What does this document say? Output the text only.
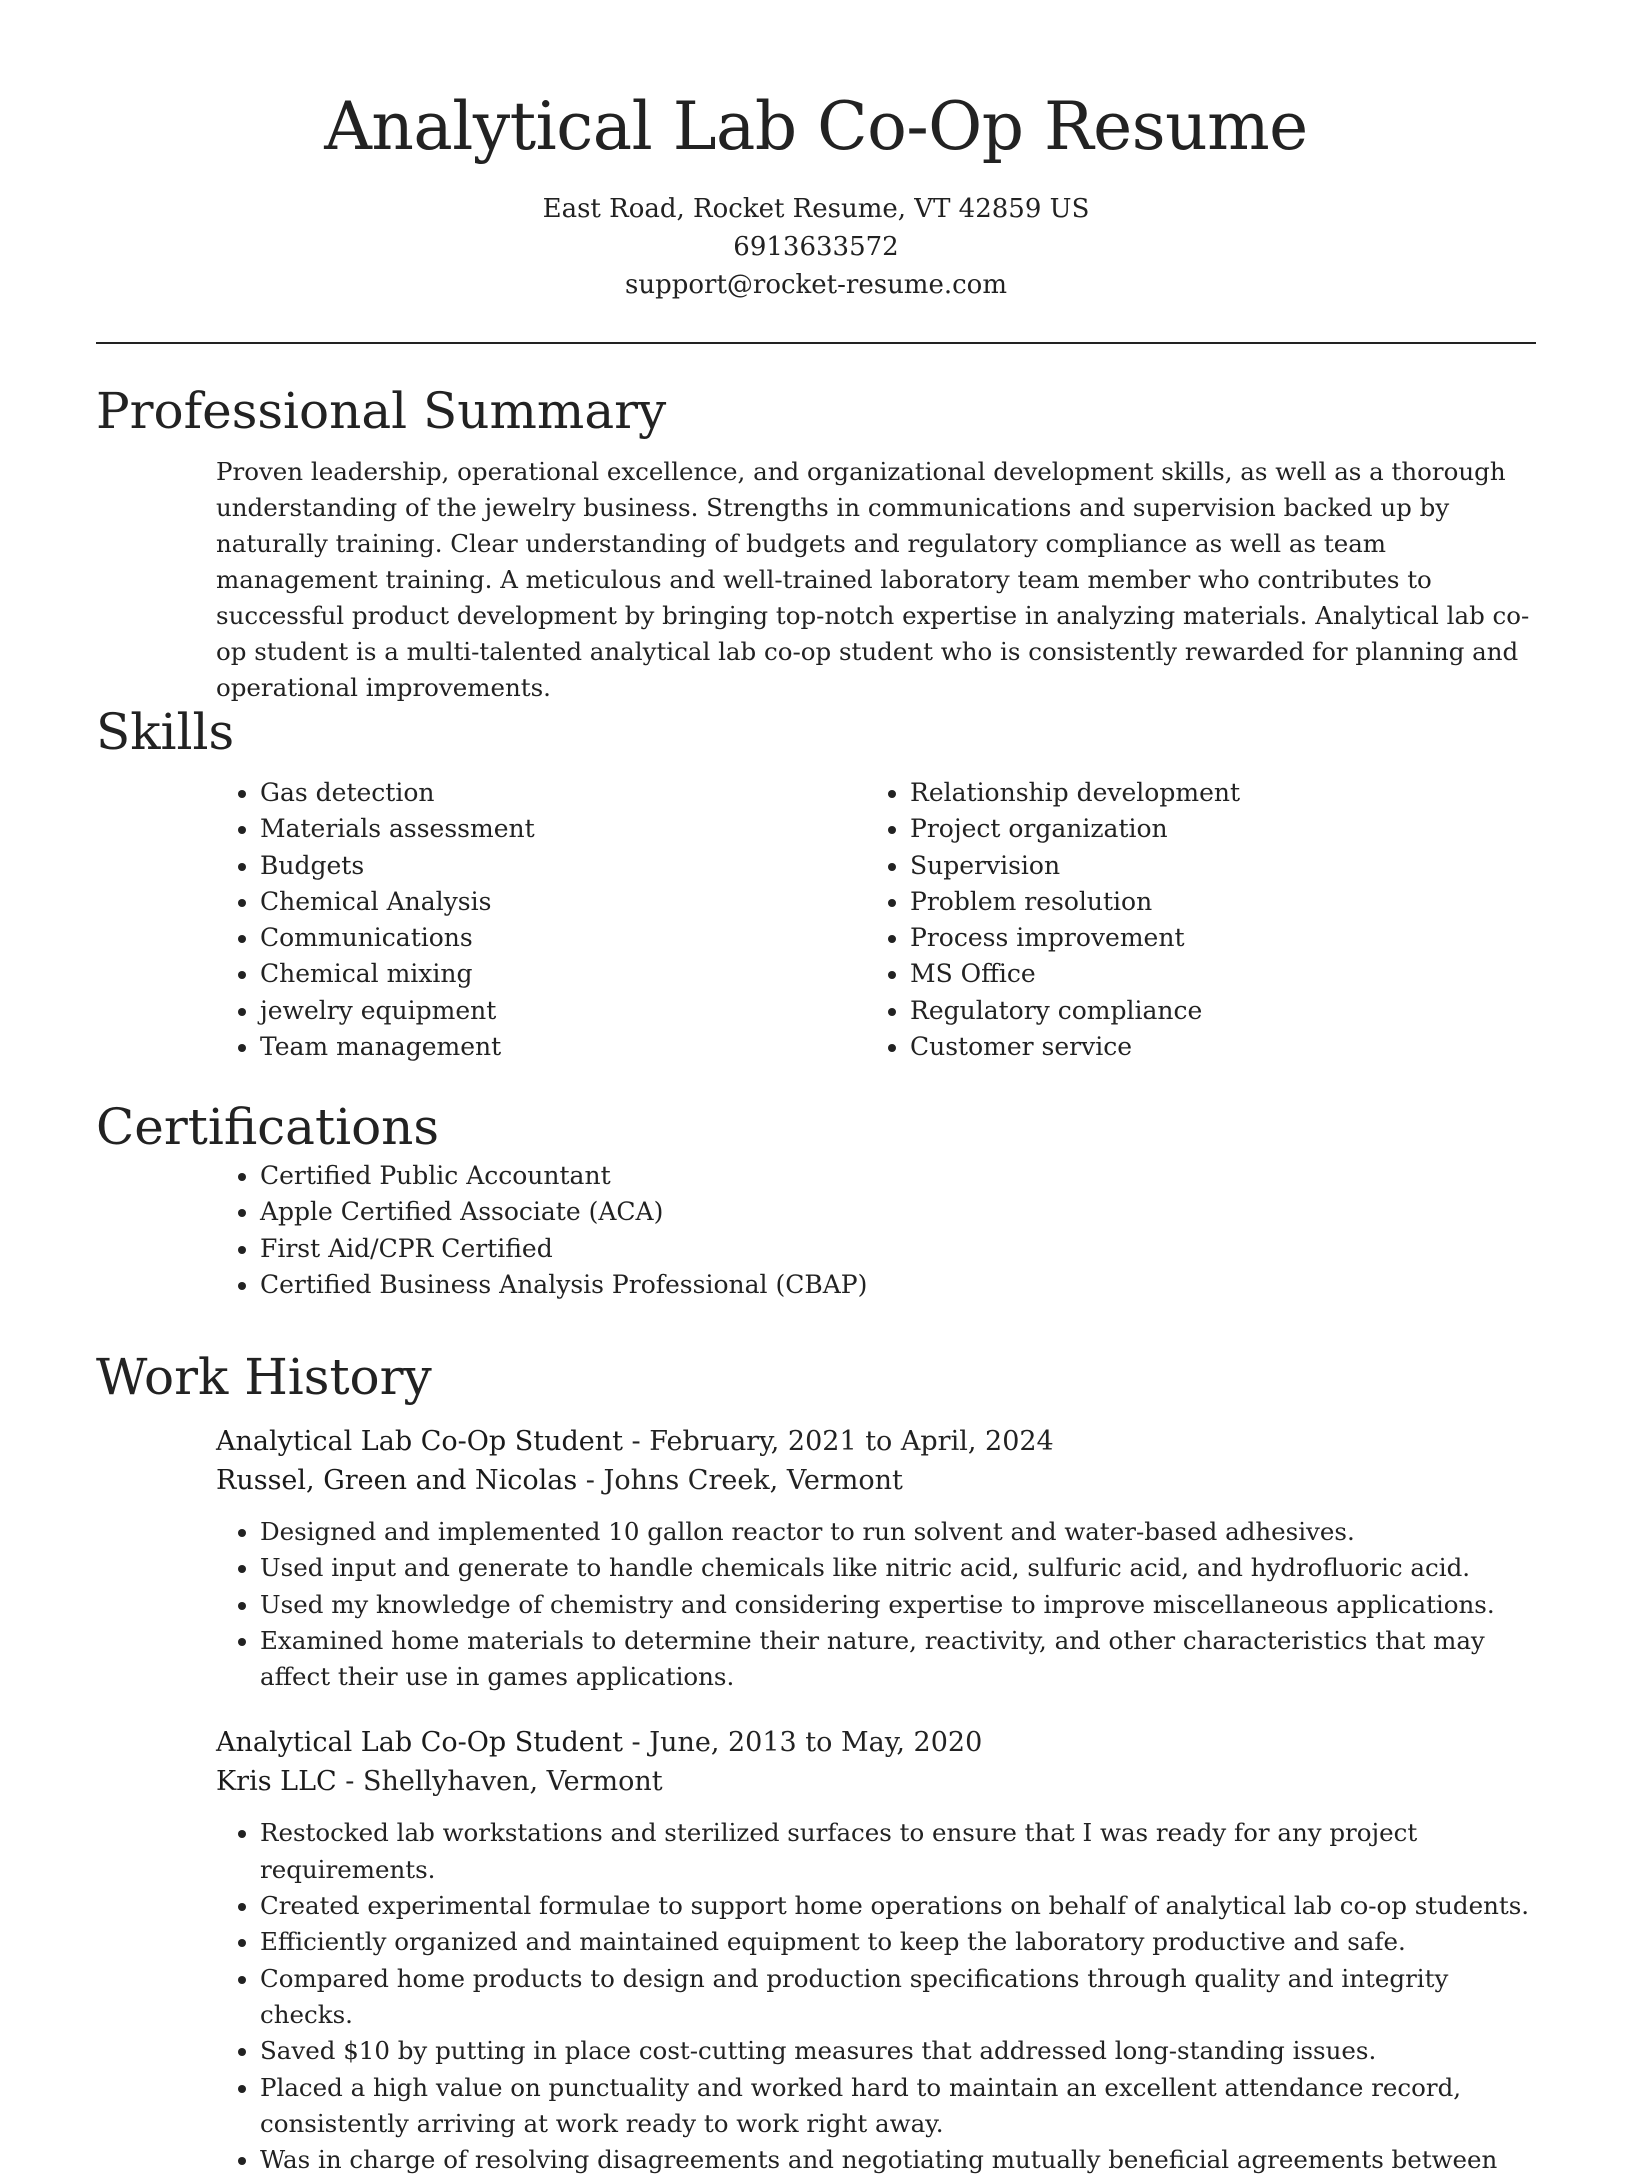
Analytical Lab Co-Op Resume
East Road, Rocket Resume, VT 42859 US
6913633572
support@rocket-resume.com
Professional Summary

Proven leadership, operational excellence, and organizational development skills, as well as a thorough understanding of the jewelry business. Strengths in communications and supervision backed up by naturally training. Clear understanding of budgets and regulatory compliance as well as team management training. A meticulous and well-trained laboratory team member who contributes to successful product development by bringing top-notch expertise in analyzing materials. Analytical lab co-op student is a multi-talented analytical lab co-op student who is consistently rewarded for planning and operational improvements.

Skills
• Gas detection
• Materials assessment
• Budgets
• Chemical Analysis
• Communications
• Chemical mixing
• jewelry equipment
• Team management
• Relationship development
• Project organization
• Supervision
• Problem resolution
• Process improvement
• MS Office
• Regulatory compliance
• Customer service
Certifications
• Certified Public Accountant
• Apple Certified Associate (ACA)
• First Aid/CPR Certified
• Certified Business Analysis Professional (CBAP)
Work History
Analytical Lab Co-Op Student - February, 2021 to April, 2024
Russel, Green and Nicolas - Johns Creek, Vermont
• Designed and implemented 10 gallon reactor to run solvent and water-based adhesives.
• Used input and generate to handle chemicals like nitric acid, sulfuric acid, and hydrofluoric acid.
• Used my knowledge of chemistry and considering expertise to improve miscellaneous applications.
• Examined home materials to determine their nature, reactivity, and other characteristics that may affect their use in games applications.
Analytical Lab Co-Op Student - June, 2013 to May, 2020
Kris LLC - Shellyhaven, Vermont
• Restocked lab workstations and sterilized surfaces to ensure that I was ready for any project requirements.
• Created experimental formulae to support home operations on behalf of analytical lab co-op students.
• Efficiently organized and maintained equipment to keep the laboratory productive and safe.
• Compared home products to design and production specifications through quality and integrity checks.
• Saved $10 by putting in place cost-cutting measures that addressed long-standing issues.
• Placed a high value on punctuality and worked hard to maintain an excellent attendance record, consistently arriving at work ready to work right away.
• Was in charge of resolving disagreements and negotiating mutually beneficial agreements between
